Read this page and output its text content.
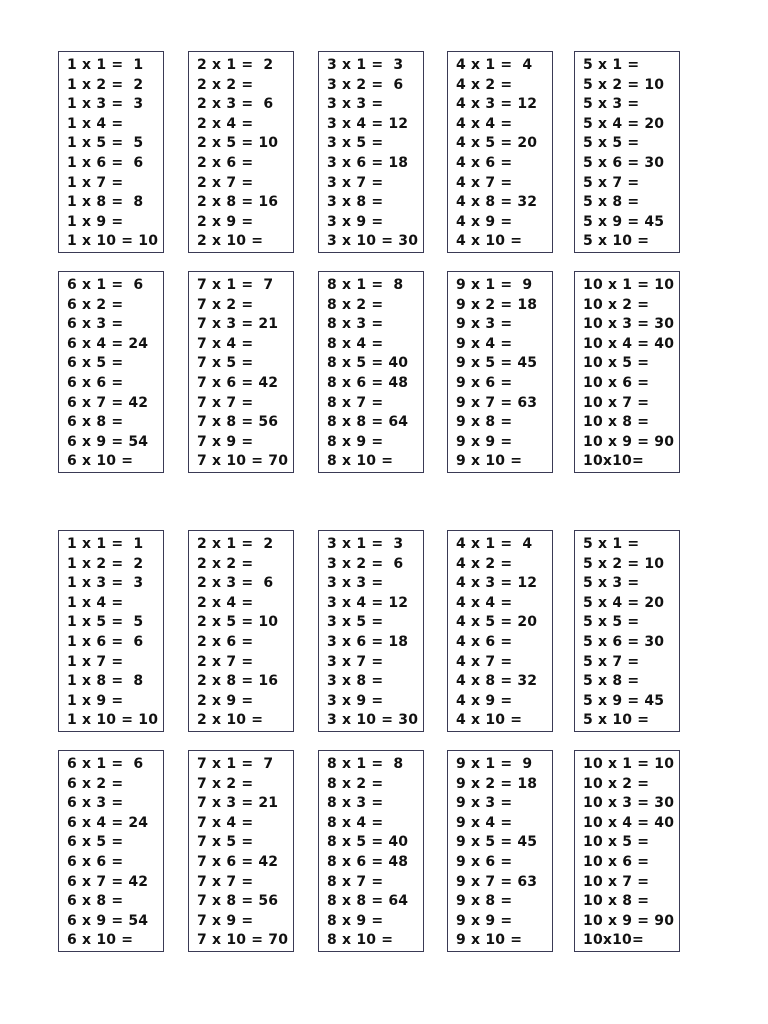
1 x 1 =  1
1 x 2 =  2
1 x 3 =  3
1 x 4 =
1 x 5 =  5
1 x 6 =  6
1 x 7 =
1 x 8 =  8
1 x 9 =
1 x 10 = 10
2 x 1 =  2
2 x 2 =
2 x 3 =  6
2 x 4 =
2 x 5 = 10
2 x 6 =
2 x 7 =
2 x 8 = 16
2 x 9 =
2 x 10 =
3 x 1 =  3
3 x 2 =  6
3 x 3 =
3 x 4 = 12
3 x 5 =
3 x 6 = 18
3 x 7 =
3 x 8 =
3 x 9 =
3 x 10 = 30
4 x 1 =  4
4 x 2 =
4 x 3 = 12
4 x 4 =
4 x 5 = 20
4 x 6 =
4 x 7 =
4 x 8 = 32
4 x 9 =
4 x 10 =
5 x 1 =
5 x 2 = 10
5 x 3 =
5 x 4 = 20
5 x 5 =
5 x 6 = 30
5 x 7 =
5 x 8 =
5 x 9 = 45
5 x 10 =
6 x 1 =  6
6 x 2 =
6 x 3 =
6 x 4 = 24
6 x 5 =
6 x 6 =
6 x 7 = 42
6 x 8 =
6 x 9 = 54
6 x 10 =
7 x 1 =  7
7 x 2 =
7 x 3 = 21
7 x 4 =
7 x 5 =
7 x 6 = 42
7 x 7 =
7 x 8 = 56
7 x 9 =
7 x 10 = 70
8 x 1 =  8
8 x 2 =
8 x 3 =
8 x 4 =
8 x 5 = 40
8 x 6 = 48
8 x 7 =
8 x 8 = 64
8 x 9 =
8 x 10 =
9 x 1 =  9
9 x 2 = 18
9 x 3 =
9 x 4 =
9 x 5 = 45
9 x 6 =
9 x 7 = 63
9 x 8 =
9 x 9 =
9 x 10 =
10 x 1 = 10
10 x 2 =
10 x 3 = 30
10 x 4 = 40
10 x 5 =
10 x 6 =
10 x 7 =
10 x 8 =
10 x 9 = 90
10x10=
1 x 1 =  1
1 x 2 =  2
1 x 3 =  3
1 x 4 =
1 x 5 =  5
1 x 6 =  6
1 x 7 =
1 x 8 =  8
1 x 9 =
1 x 10 = 10
2 x 1 =  2
2 x 2 =
2 x 3 =  6
2 x 4 =
2 x 5 = 10
2 x 6 =
2 x 7 =
2 x 8 = 16
2 x 9 =
2 x 10 =
3 x 1 =  3
3 x 2 =  6
3 x 3 =
3 x 4 = 12
3 x 5 =
3 x 6 = 18
3 x 7 =
3 x 8 =
3 x 9 =
3 x 10 = 30
4 x 1 =  4
4 x 2 =
4 x 3 = 12
4 x 4 =
4 x 5 = 20
4 x 6 =
4 x 7 =
4 x 8 = 32
4 x 9 =
4 x 10 =
5 x 1 =
5 x 2 = 10
5 x 3 =
5 x 4 = 20
5 x 5 =
5 x 6 = 30
5 x 7 =
5 x 8 =
5 x 9 = 45
5 x 10 =
6 x 1 =  6
6 x 2 =
6 x 3 =
6 x 4 = 24
6 x 5 =
6 x 6 =
6 x 7 = 42
6 x 8 =
6 x 9 = 54
6 x 10 =
7 x 1 =  7
7 x 2 =
7 x 3 = 21
7 x 4 =
7 x 5 =
7 x 6 = 42
7 x 7 =
7 x 8 = 56
7 x 9 =
7 x 10 = 70
8 x 1 =  8
8 x 2 =
8 x 3 =
8 x 4 =
8 x 5 = 40
8 x 6 = 48
8 x 7 =
8 x 8 = 64
8 x 9 =
8 x 10 =
9 x 1 =  9
9 x 2 = 18
9 x 3 =
9 x 4 =
9 x 5 = 45
9 x 6 =
9 x 7 = 63
9 x 8 =
9 x 9 =
9 x 10 =
10 x 1 = 10
10 x 2 =
10 x 3 = 30
10 x 4 = 40
10 x 5 =
10 x 6 =
10 x 7 =
10 x 8 =
10 x 9 = 90
10x10=
